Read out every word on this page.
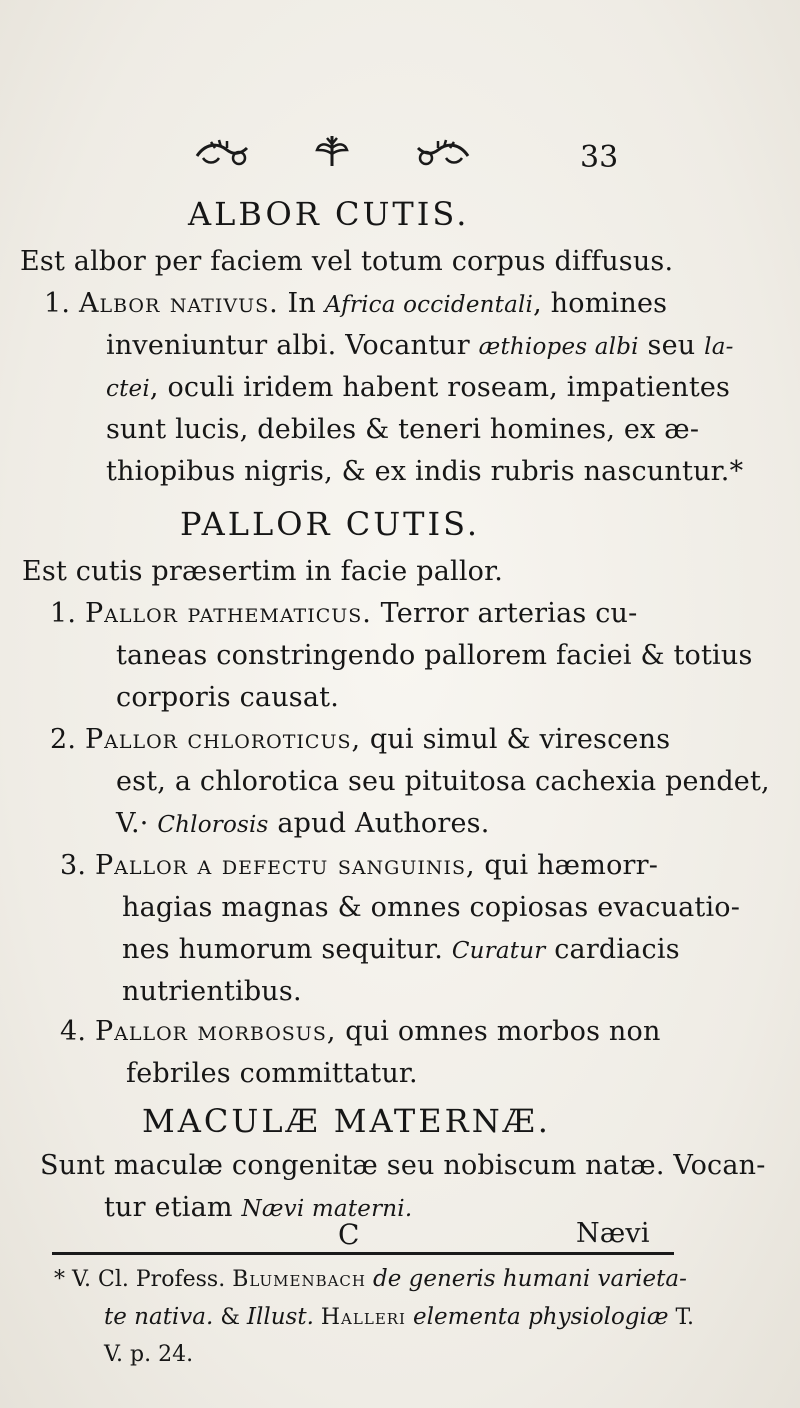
33
ALBOR CUTIS.
Est albor per faciem vel totum corpus diffusus.
1. Albor nativus. In Africa occidentali, homines
inveniuntur albi. Vocantur æthiopes albi seu la-
ctei, oculi iridem habent roseam, impatientes
sunt lucis, debiles & teneri homines, ex æ-
thiopibus nigris, & ex indis rubris nascuntur.*
PALLOR CUTIS.
Est cutis præsertim in facie pallor.
1. Pallor pathematicus. Terror arterias cu-
taneas constringendo pallorem faciei & totius
corporis causat.
2. Pallor chloroticus, qui simul & virescens
est, a chlorotica seu pituitosa cachexia pendet,
V.· Chlorosis apud Authores.
3. Pallor a defectu sanguinis, qui hæmorr-
hagias magnas & omnes copiosas evacuatio-
nes humorum sequitur. Curatur cardiacis
nutrientibus.
4. Pallor morbosus, qui omnes morbos non
febriles committatur.
MACULÆ MATERNÆ.
Sunt maculæ congenitæ seu nobiscum natæ. Vocan-
tur etiam Nævi materni.
C	Nævi
* V. Cl. Profess. Blumenbach de generis humani varieta-
te nativa. & Illust. Halleri elementa physiologiæ T.
V. p. 24.
